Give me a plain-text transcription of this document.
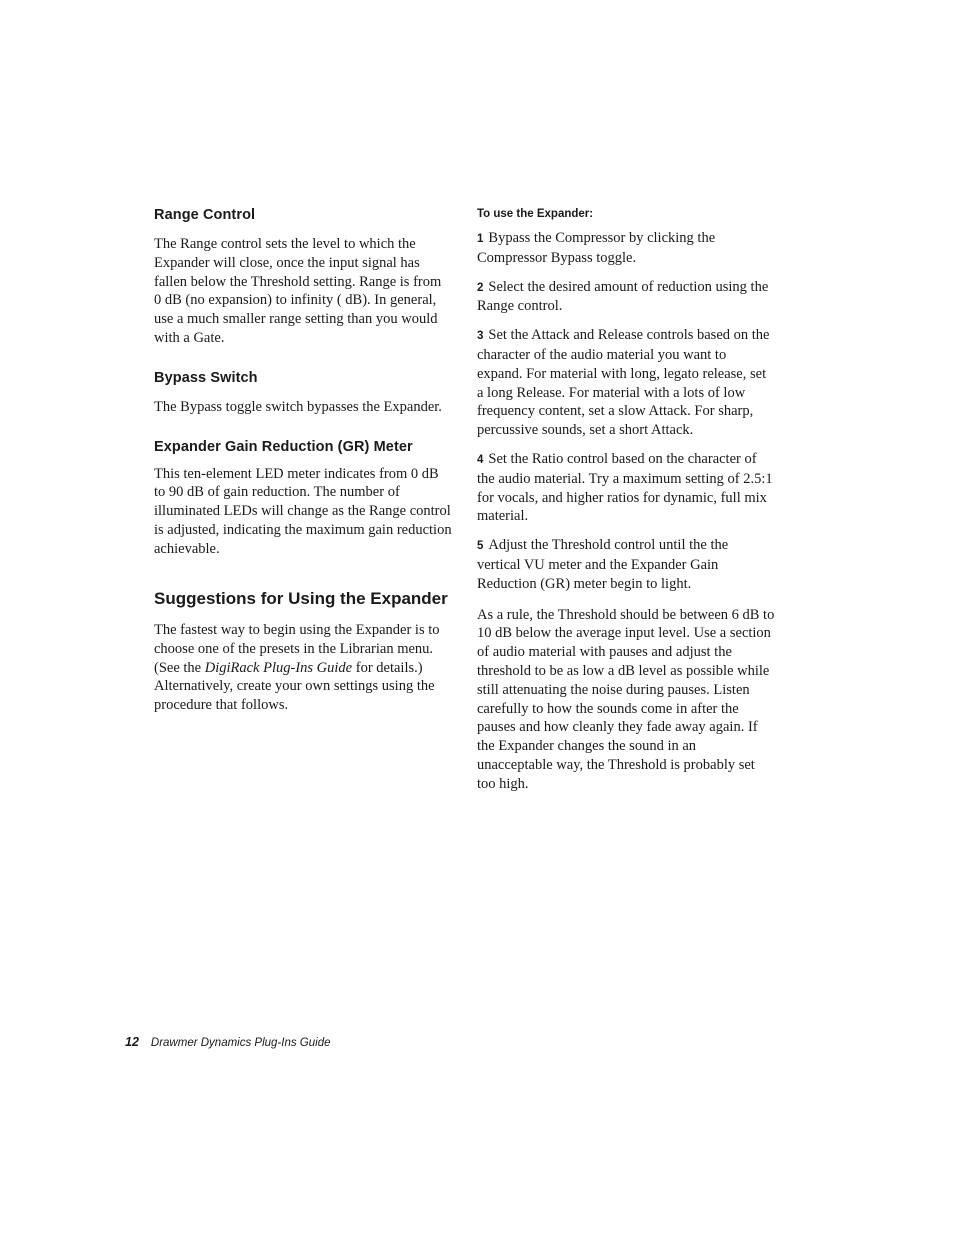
Range Control

The Range control sets the level to which the Expander will close, once the input signal has fallen below the Threshold setting. Range is from 0 dB (no expansion) to infinity ( dB). In general, use a much smaller range setting than you would with a Gate.

Bypass Switch

The Bypass toggle switch bypasses the Expander.

Expander Gain Reduction (GR) Meter

This ten-element LED meter indicates from 0 dB to 90 dB of gain reduction. The number of illuminated LEDs will change as the Range control is adjusted, indicating the maximum gain reduction achievable.

Suggestions for Using the Expander

The fastest way to begin using the Expander is to choose one of the presets in the Librarian menu. (See the DigiRack Plug-Ins Guide for details.) Alternatively, create your own settings using the procedure that follows.

To use the Expander:

1 Bypass the Compressor by clicking the Compressor Bypass toggle.

2 Select the desired amount of reduction using the Range control.

3 Set the Attack and Release controls based on the character of the audio material you want to expand. For material with long, legato release, set a long Release. For material with a lots of low frequency content, set a slow Attack. For sharp, percussive sounds, set a short Attack.

4 Set the Ratio control based on the character of the audio material. Try a maximum setting of 2.5:1 for vocals, and higher ratios for dynamic, full mix material.

5 Adjust the Threshold control until the the vertical VU meter and the Expander Gain Reduction (GR) meter begin to light.

As a rule, the Threshold should be between 6 dB to 10 dB below the average input level. Use a section of audio material with pauses and adjust the threshold to be as low a dB level as possible while still attenuating the noise during pauses. Listen carefully to how the sounds come in after the pauses and how cleanly they fade away again. If the Expander changes the sound in an unacceptable way, the Threshold is probably set too high.

12 Drawmer Dynamics Plug-Ins Guide
